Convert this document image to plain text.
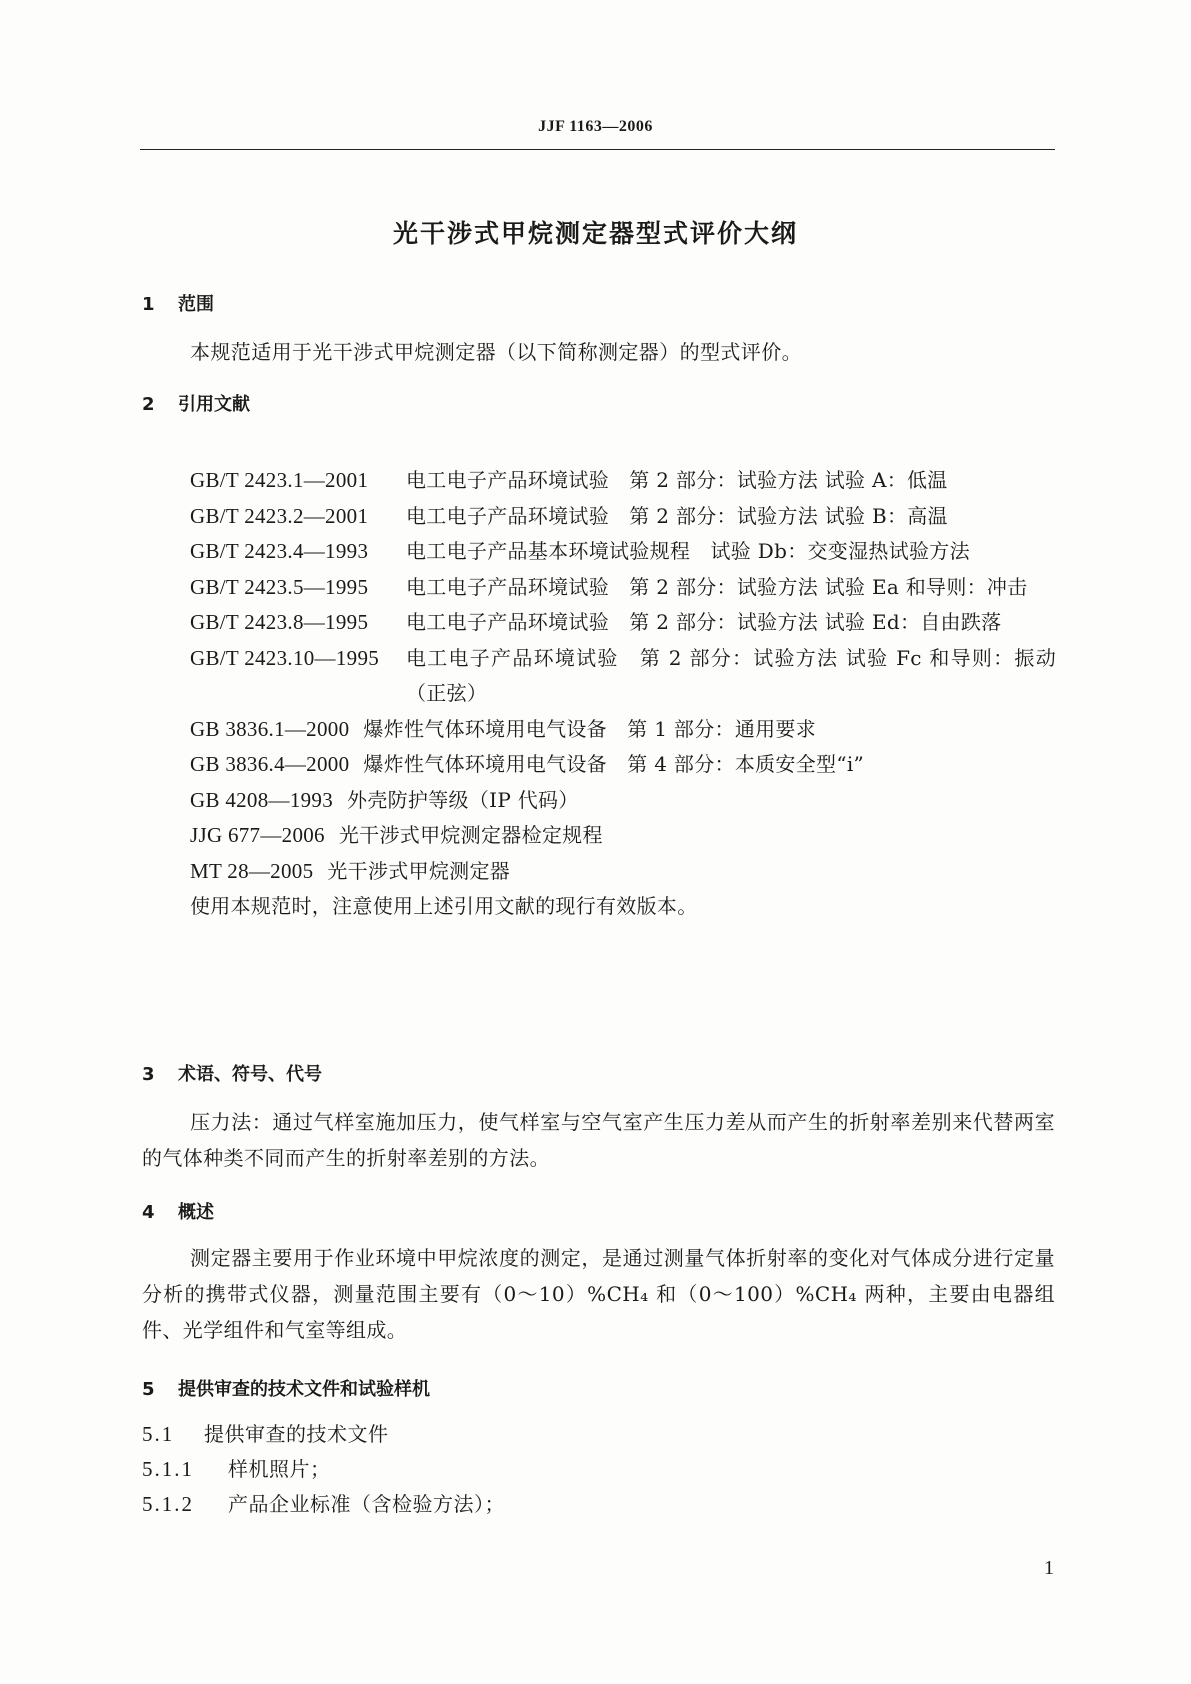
JJF 1163—2006
光干涉式甲烷测定器型式评价大纲
1 范围
本规范适用于光干涉式甲烷测定器（以下简称测定器）的型式评价。
2 引用文献
GB/T 2423.1—2001	电工电子产品环境试验　第 2 部分：试验方法 试验 A：低温
GB/T 2423.2—2001	电工电子产品环境试验　第 2 部分：试验方法 试验 B：高温
GB/T 2423.4—1993	电工电子产品基本环境试验规程　试验 Db：交变湿热试验方法
GB/T 2423.5—1995	电工电子产品环境试验　第 2 部分：试验方法 试验 Ea 和导则：冲击
GB/T 2423.8—1995	电工电子产品环境试验　第 2 部分：试验方法 试验 Ed：自由跌落
GB/T 2423.10—1995	电工电子产品环境试验　第 2 部分：试验方法 试验 Fc 和导则：振动（正弦）
GB 3836.1—2000 爆炸性气体环境用电气设备　第 1 部分：通用要求
GB 3836.4—2000 爆炸性气体环境用电气设备　第 4 部分：本质安全型“i”
GB 4208—1993 外壳防护等级（IP 代码）
JJG 677—2006 光干涉式甲烷测定器检定规程
MT 28—2005 光干涉式甲烷测定器
使用本规范时，注意使用上述引用文献的现行有效版本。
3 术语、符号、代号
压力法：通过气样室施加压力，使气样室与空气室产生压力差从而产生的折射率差别来代替两室的气体种类不同而产生的折射率差别的方法。
4 概述
测定器主要用于作业环境中甲烷浓度的测定，是通过测量气体折射率的变化对气体成分进行定量分析的携带式仪器，测量范围主要有（0～10）%CH₄ 和（0～100）%CH₄ 两种，主要由电器组件、光学组件和气室等组成。
5 提供审查的技术文件和试验样机
5.1 提供审查的技术文件
5.1.1 样机照片；
5.1.2 产品企业标准（含检验方法）；
1
